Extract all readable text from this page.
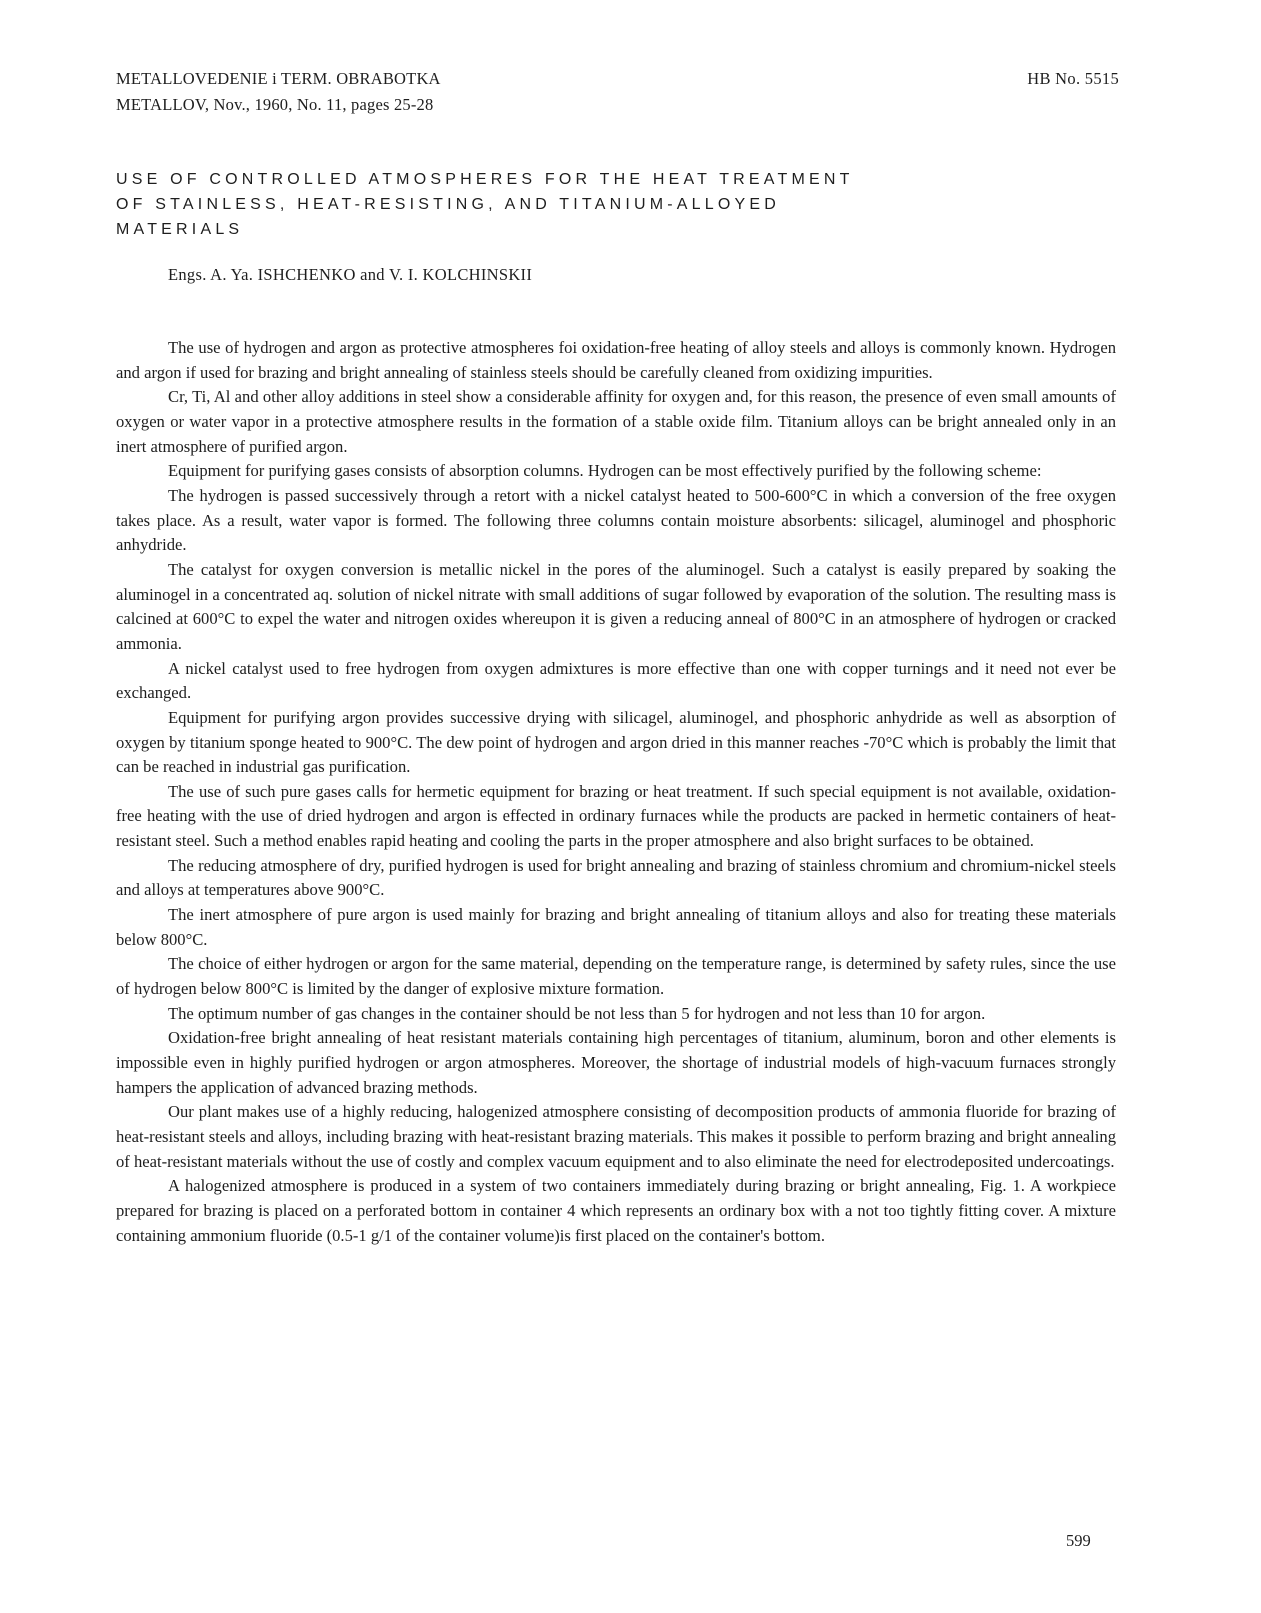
METALLOVEDENIE i TERM. OBRABOTKA
METALLOV, Nov., 1960, No. 11, pages 25-28
HB No. 5515
USE OF CONTROLLED ATMOSPHERES FOR THE HEAT TREATMENT
OF STAINLESS, HEAT-RESISTING, AND TITANIUM-ALLOYED
MATERIALS
Engs. A. Ya. ISHCHENKO and V. I. KOLCHINSKII

The use of hydrogen and argon as protective atmospheres foi oxidation-free heating of alloy steels and alloys is commonly known. Hydrogen and argon if used for brazing and bright annealing of stainless steels should be carefully cleaned from oxidizing impurities.

Cr, Ti, Al and other alloy additions in steel show a considerable affinity for oxygen and, for this reason, the presence of even small amounts of oxygen or water vapor in a protective atmosphere results in the formation of a stable oxide film. Titanium alloys can be bright annealed only in an inert atmosphere of purified argon.

Equipment for purifying gases consists of absorption columns. Hydrogen can be most effectively purified by the following scheme:

The hydrogen is passed successively through a retort with a nickel catalyst heated to 500-600°C in which a conversion of the free oxygen takes place. As a result, water vapor is formed. The following three columns contain moisture absorbents: silicagel, aluminogel and phosphoric anhydride.

The catalyst for oxygen conversion is metallic nickel in the pores of the aluminogel. Such a catalyst is easily prepared by soaking the aluminogel in a concentrated aq. solution of nickel nitrate with small additions of sugar followed by evaporation of the solution. The resulting mass is calcined at 600°C to expel the water and nitrogen oxides whereupon it is given a reducing anneal of 800°C in an atmosphere of hydrogen or cracked ammonia.

A nickel catalyst used to free hydrogen from oxygen admixtures is more effective than one with copper turnings and it need not ever be exchanged.

Equipment for purifying argon provides successive drying with silicagel, aluminogel, and phosphoric anhydride as well as absorption of oxygen by titanium sponge heated to 900°C. The dew point of hydrogen and argon dried in this manner reaches -70°C which is probably the limit that can be reached in industrial gas purification.

The use of such pure gases calls for hermetic equipment for brazing or heat treatment. If such special equipment is not available, oxidation-free heating with the use of dried hydrogen and argon is effected in ordinary furnaces while the products are packed in hermetic containers of heat-resistant steel. Such a method enables rapid heating and cooling the parts in the proper atmosphere and also bright surfaces to be obtained.

The reducing atmosphere of dry, purified hydrogen is used for bright annealing and brazing of stainless chromium and chromium-nickel steels and alloys at temperatures above 900°C.

The inert atmosphere of pure argon is used mainly for brazing and bright annealing of titanium alloys and also for treating these materials below 800°C.

The choice of either hydrogen or argon for the same material, depending on the temperature range, is determined by safety rules, since the use of hydrogen below 800°C is limited by the danger of explosive mixture formation.

The optimum number of gas changes in the container should be not less than 5 for hydrogen and not less than 10 for argon.

Oxidation-free bright annealing of heat resistant materials containing high percentages of titanium, aluminum, boron and other elements is impossible even in highly purified hydrogen or argon atmospheres. Moreover, the shortage of industrial models of high-vacuum furnaces strongly hampers the application of advanced brazing methods.

Our plant makes use of a highly reducing, halogenized atmosphere consisting of decomposition products of ammonia fluoride for brazing of heat-resistant steels and alloys, including brazing with heat-resistant brazing materials. This makes it possible to perform brazing and bright annealing of heat-resistant materials without the use of costly and complex vacuum equipment and to also eliminate the need for electrodeposited undercoatings.

A halogenized atmosphere is produced in a system of two containers immediately during brazing or bright annealing, Fig. 1. A workpiece prepared for brazing is placed on a perforated bottom in container 4 which represents an ordinary box with a not too tightly fitting cover. A mixture containing ammonium fluoride (0.5-1 g/1 of the container volume)is first placed on the container's bottom.

599
